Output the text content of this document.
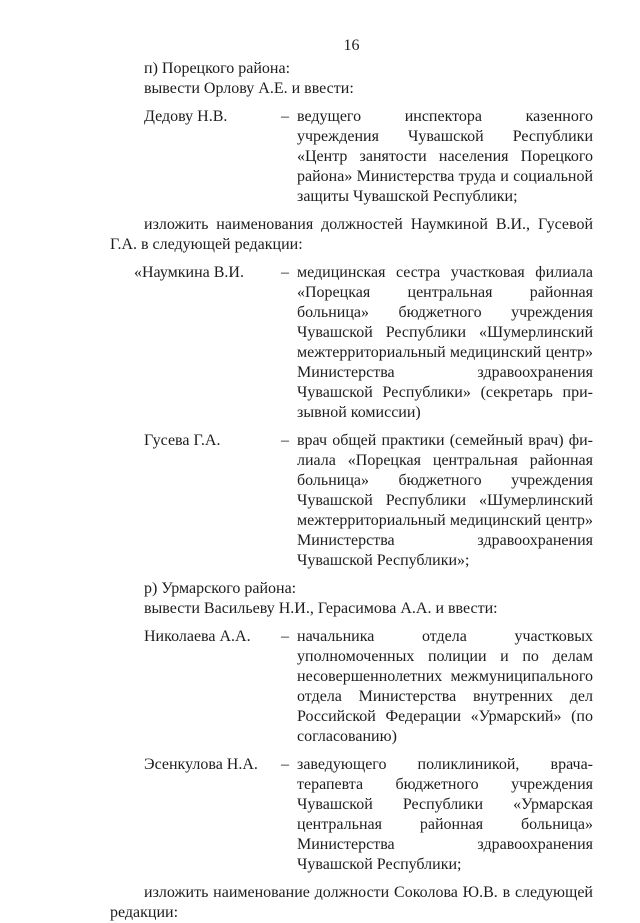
16

п) Порецкого района:

вывести Орлову А.Е. и ввести:

Дедову Н.В.	– ведущего инспектора казенного учреждения Чувашской Республики «Центр занятости населения Порецкого района» Министерства труда и социальной защиты Чувашской Республики;

изложить наименования должностей Наумкиной В.И., Гусевой Г.А. в следующей редакции:

«Наумкина В.И.	– медицинская сестра участковая филиала «Порецкая центральная районная больница» бюджетного учреждения Чувашской Республики «Шумерлинский межтерриториальный медицинский центр» Министерства здравоохранения Чувашской Республики» (секретарь призывной комиссии)
Гусева Г.А.	– врач общей практики (семейный врач) филиала «Порецкая центральная районная больница» бюджетного учреждения Чувашской Республики «Шумерлинский межтерриториальный медицинский центр» Министерства здравоохранения Чувашской Республики»;

р) Урмарского района:

вывести Васильеву Н.И., Герасимова А.А. и ввести:

Николаева А.А.	– начальника отдела участковых уполномоченных полиции и по делам несовершеннолетних межмуниципального отдела Министерства внутренних дел Российской Федерации «Урмарский» (по согласованию)
Эсенкулова Н.А.	– заведующего поликлиникой, врача-терапевта бюджетного учреждения Чувашской Республики «Урмарская центральная районная больница» Министерства здравоохранения Чувашской Республики;

изложить наименование должности Соколова Ю.В. в следующей редакции:
